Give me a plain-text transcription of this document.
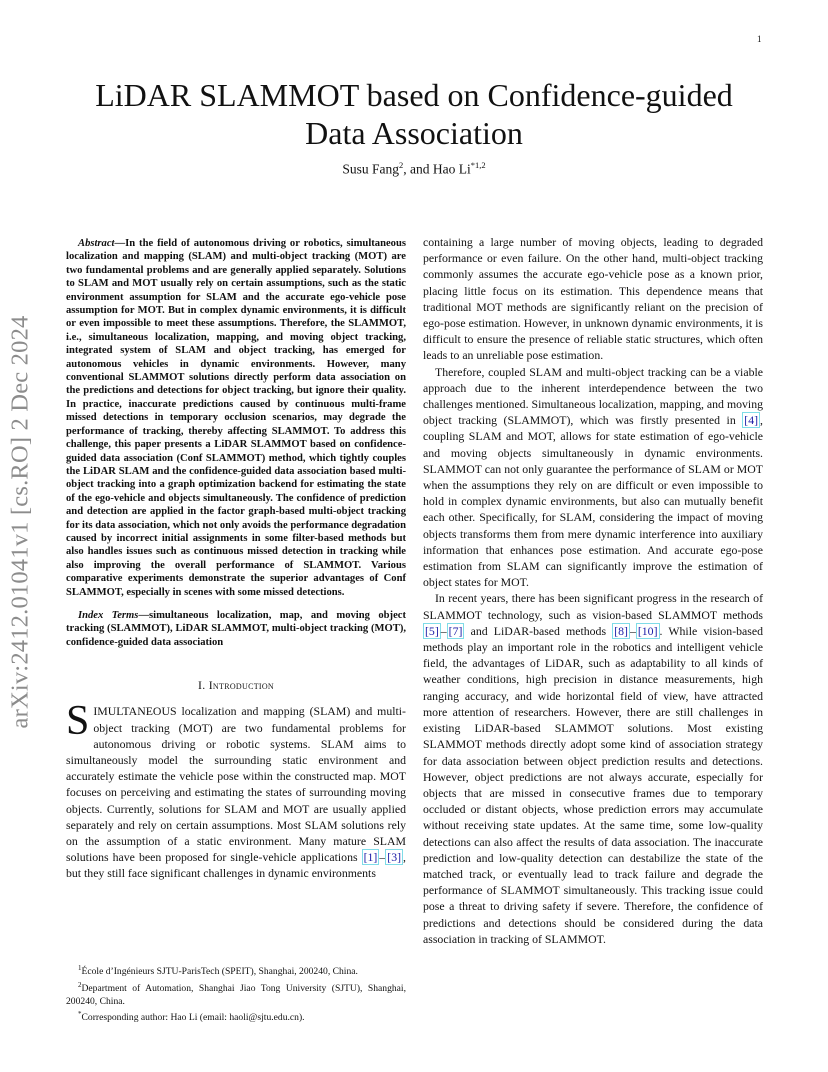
1
arXiv:2412.01041v1 [cs.RO] 2 Dec 2024
LiDAR SLAMMOT based on Confidence-guided
Data Association
Susu Fang$^2$, and Hao Li$^{*1,2}$

Abstract—In the field of autonomous driving or robotics, simultaneous localization and mapping (SLAM) and multi-object tracking (MOT) are two fundamental problems and are generally applied separately. Solutions to SLAM and MOT usually rely on certain assumptions, such as the static environment assumption for SLAM and the accurate ego-vehicle pose assumption for MOT. But in complex dynamic environments, it is difficult or even impossible to meet these assumptions. Therefore, the SLAMMOT, i.e., simultaneous localization, mapping, and moving object tracking, integrated system of SLAM and object tracking, has emerged for autonomous vehicles in dynamic environments. However, many conventional SLAMMOT solutions directly perform data association on the predictions and detections for object tracking, but ignore their quality. In practice, inaccurate predictions caused by continuous multi-frame missed detections in temporary occlusion scenarios, may degrade the performance of tracking, thereby affecting SLAMMOT. To address this challenge, this paper presents a LiDAR SLAMMOT based on confidence-guided data association (Conf SLAMMOT) method, which tightly couples the LiDAR SLAM and the confidence-guided data association based multi-object tracking into a graph optimization backend for estimating the state of the ego-vehicle and objects simultaneously. The confidence of prediction and detection are applied in the factor graph-based multi-object tracking for its data association, which not only avoids the performance degradation caused by incorrect initial assignments in some filter-based methods but also handles issues such as continuous missed detection in tracking while also improving the overall performance of SLAMMOT. Various comparative experiments demonstrate the superior advantages of Conf SLAMMOT, especially in scenes with some missed detections.

Index Terms—simultaneous localization, map, and moving object tracking (SLAMMOT), LiDAR SLAMMOT, multi-object tracking (MOT), confidence-guided data association

I. Introduction

SIMULTANEOUS localization and mapping (SLAM) and multi-object tracking (MOT) are two fundamental problems for autonomous driving or robotic systems. SLAM aims to simultaneously model the surrounding static environment and accurately estimate the vehicle pose within the constructed map. MOT focuses on perceiving and estimating the states of surrounding moving objects. Currently, solutions for SLAM and MOT are usually applied separately and rely on certain assumptions. Most SLAM solutions rely on the assumption of a static environment. Many mature SLAM solutions have been proposed for single-vehicle applications [1] – [3] , but they still face significant challenges in dynamic environments

$^1$École d’Ingénieurs SJTU-ParisTech (SPEIT), Shanghai, 200240, China.

$^2$Department of Automation, Shanghai Jiao Tong University (SJTU), Shanghai, 200240, China.

*Corresponding author: Hao Li (email: haoli@sjtu.edu.cn).

containing a large number of moving objects, leading to degraded performance or even failure. On the other hand, multi-object tracking commonly assumes the accurate ego-vehicle pose as a known prior, placing little focus on its estimation. This dependence means that traditional MOT methods are significantly reliant on the precision of ego-pose estimation. However, in unknown dynamic environments, it is difficult to ensure the presence of reliable static structures, which often leads to an unreliable pose estimation.

Therefore, coupled SLAM and multi-object tracking can be a viable approach due to the inherent interdependence between the two challenges mentioned. Simultaneous localization, mapping, and moving object tracking (SLAMMOT), which was firstly presented in [4] , coupling SLAM and MOT, allows for state estimation of ego-vehicle and moving objects simultaneously in dynamic environments. SLAMMOT can not only guarantee the performance of SLAM or MOT when the assumptions they rely on are difficult or even impossible to hold in complex dynamic environments, but also can mutually benefit each other. Specifically, for SLAM, considering the impact of moving objects transforms them from mere dynamic interference into auxiliary information that enhances pose estimation. And accurate ego-pose estimation from SLAM can significantly improve the estimation of object states for MOT.

In recent years, there has been significant progress in the research of SLAMMOT technology, such as vision-based SLAMMOT methods [5] – [7] and LiDAR-based methods [8] – [10] . While vision-based methods play an important role in the robotics and intelligent vehicle field, the advantages of LiDAR, such as adaptability to all kinds of weather conditions, high precision in distance measurements, high ranging accuracy, and wide horizontal field of view, have attracted more attention of researchers. However, there are still challenges in existing LiDAR-based SLAMMOT solutions. Most existing SLAMMOT methods directly adopt some kind of association strategy for data association between object prediction results and detections. However, object predictions are not always accurate, especially for objects that are missed in consecutive frames due to temporary occluded or distant objects, whose prediction errors may accumulate without receiving state updates. At the same time, some low-quality detections can also affect the results of data association. The inaccurate prediction and low-quality detection can destabilize the state of the matched track, or eventually lead to track failure and degrade the performance of SLAMMOT simultaneously. This tracking issue could pose a threat to driving safety if severe. Therefore, the confidence of predictions and detections should be considered during the data association in tracking of SLAMMOT.
